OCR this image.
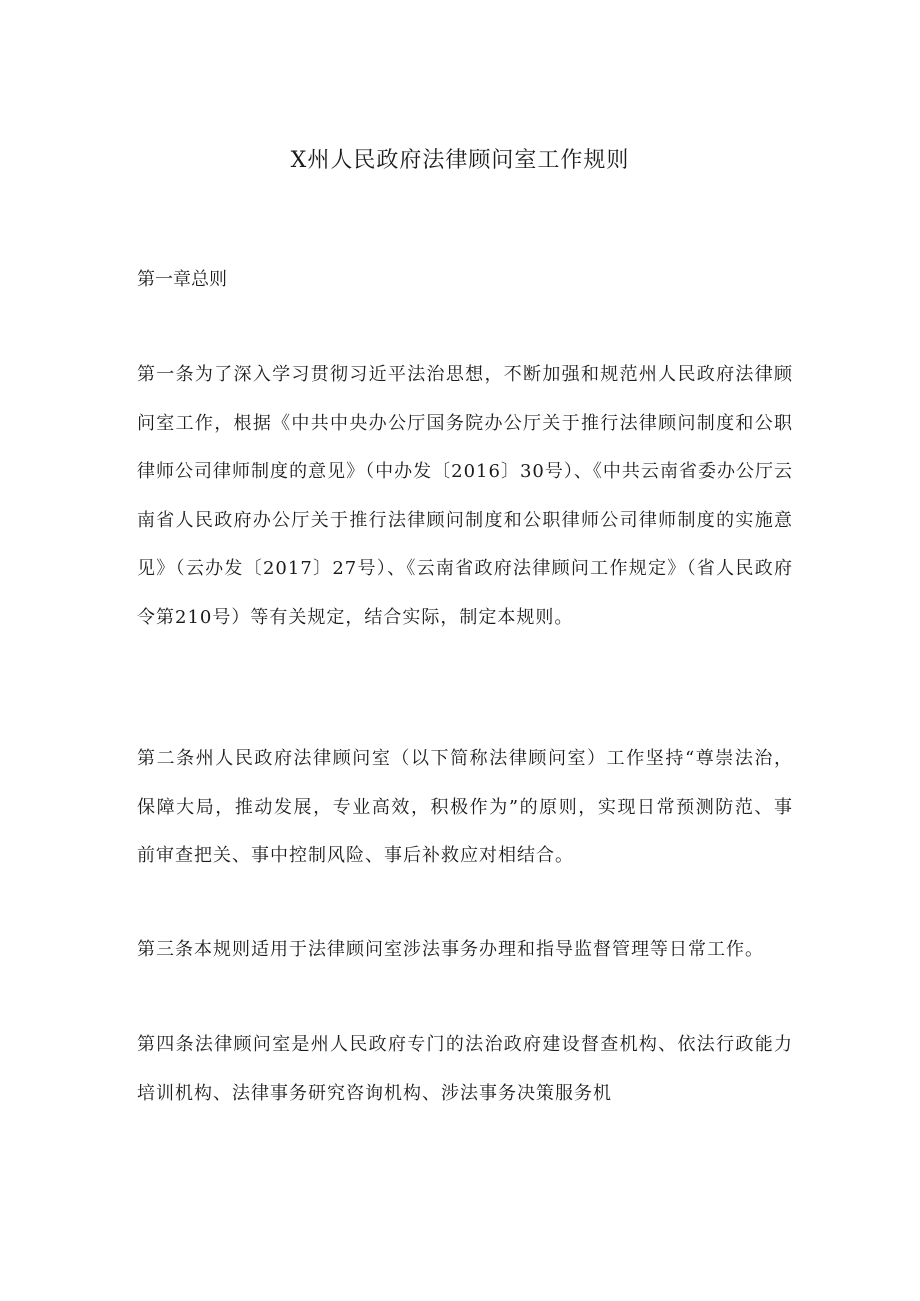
X州人民政府法律顾问室工作规则

第一章总则

第一条为了深入学习贯彻习近平法治思想，不断加强和规范州人民政府法律顾问室工作，根据《中共中央办公厅国务院办公厅关于推行法律顾问制度和公职律师公司律师制度的意见》（中办发〔2016〕30号）、《中共云南省委办公厅云南省人民政府办公厅关于推行法律顾问制度和公职律师公司律师制度的实施意见》（云办发〔2017〕27号）、《云南省政府法律顾问工作规定》（省人民政府令第210号）等有关规定，结合实际，制定本规则。

第二条州人民政府法律顾问室（以下简称法律顾问室）工作坚持“尊崇法治，保障大局，推动发展，专业高效，积极作为”的原则，实现日常预测防范、事前审查把关、事中控制风险、事后补救应对相结合。

第三条本规则适用于法律顾问室涉法事务办理和指导监督管理等日常工作。

第四条法律顾问室是州人民政府专门的法治政府建设督查机构、依法行政能力培训机构、法律事务研究咨询机构、涉法事务决策服务机
